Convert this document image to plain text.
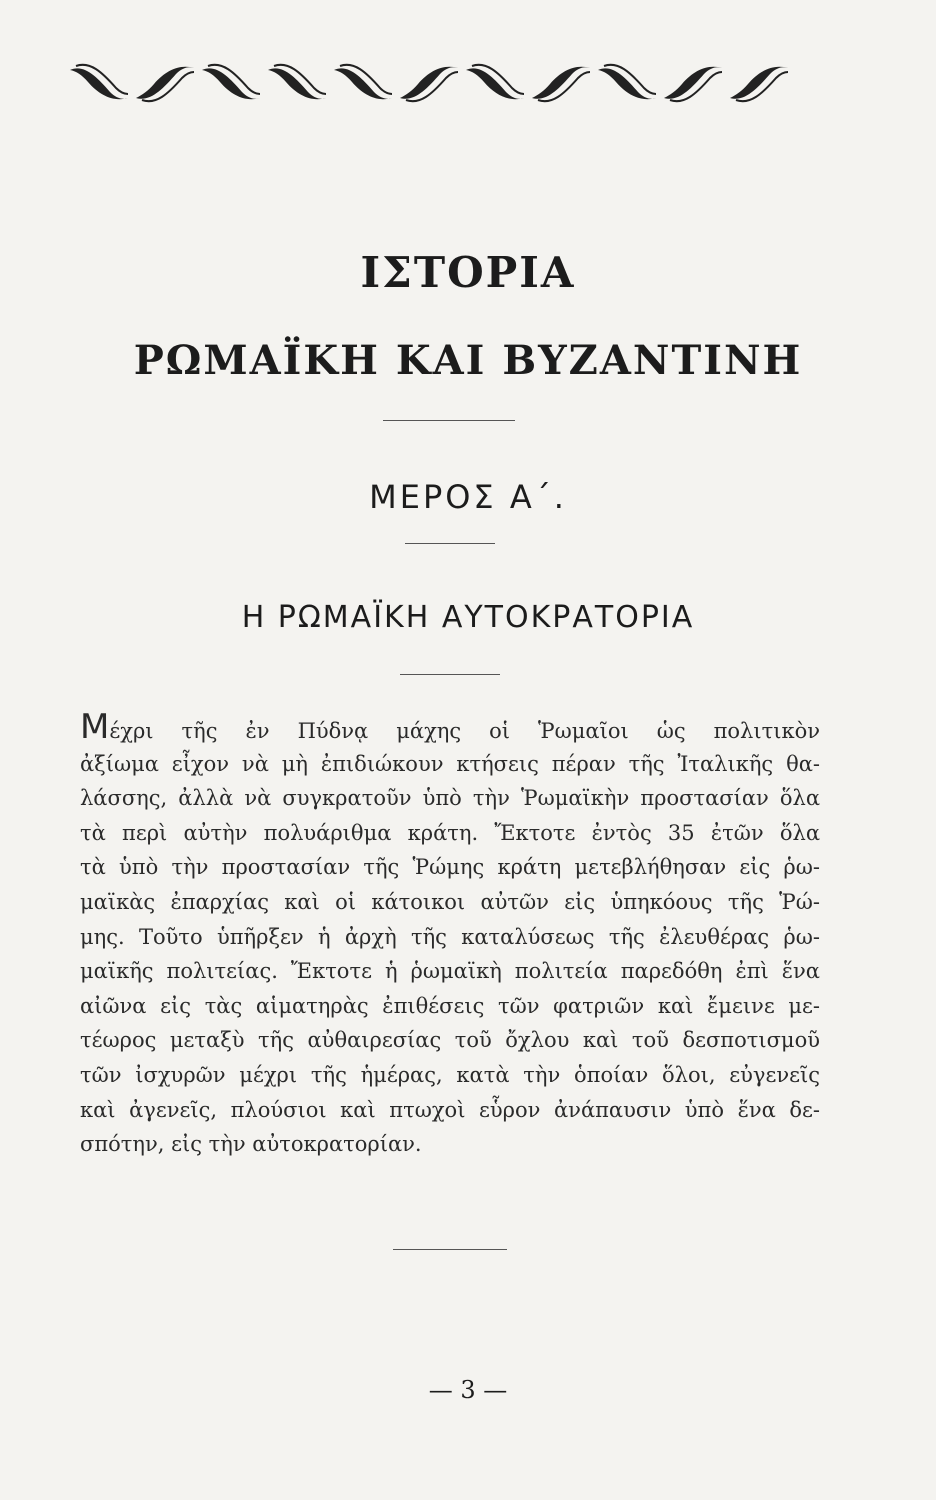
ΙΣΤΟΡΙΑ
ΡΩΜΑΪΚΗ ΚΑΙ ΒΥΖΑΝΤΙΝΗ
ΜΕΡΟΣ Α΄.
Η ΡΩΜΑΪΚΗ ΑΥΤΟΚΡΑΤΟΡΙΑ
Μέχρι τῆς ἐν Πύδνᾳ μάχης οἱ Ῥωμαῖοι ὡς πολιτικὸν
ἀξίωμα εἶχον νὰ μὴ ἐπιδιώκουν κτήσεις πέραν τῆς Ἰταλικῆς θα-
λάσσης, ἀλλὰ νὰ συγκρατοῦν ὑπὸ τὴν Ῥωμαϊκὴν προστασίαν ὅλα
τὰ περὶ αὐτὴν πολυάριθμα κράτη. Ἔκτοτε ἐντὸς 35 ἐτῶν ὅλα
τὰ ὑπὸ τὴν προστασίαν τῆς Ῥώμης κράτη μετεβλήθησαν εἰς ῥω-
μαϊκὰς ἐπαρχίας καὶ οἱ κάτοικοι αὐτῶν εἰς ὑπηκόους τῆς Ῥώ-
μης. Τοῦτο ὑπῆρξεν ἡ ἀρχὴ τῆς καταλύσεως τῆς ἐλευθέρας ῥω-
μαϊκῆς πολιτείας. Ἔκτοτε ἡ ῥωμαϊκὴ πολιτεία παρεδόθη ἐπὶ ἕνα
αἰῶνα εἰς τὰς αἱματηρὰς ἐπιθέσεις τῶν φατριῶν καὶ ἔμεινε με-
τέωρος μεταξὺ τῆς αὐθαιρεσίας τοῦ ὄχλου καὶ τοῦ δεσποτισμοῦ
τῶν ἰσχυρῶν μέχρι τῆς ἡμέρας, κατὰ τὴν ὁποίαν ὅλοι, εὐγενεῖς
καὶ ἀγενεῖς, πλούσιοι καὶ πτωχοὶ εὗρον ἀνάπαυσιν ὑπὸ ἕνα δε-
σπότην, εἰς τὴν αὐτοκρατορίαν.
— 3 —
